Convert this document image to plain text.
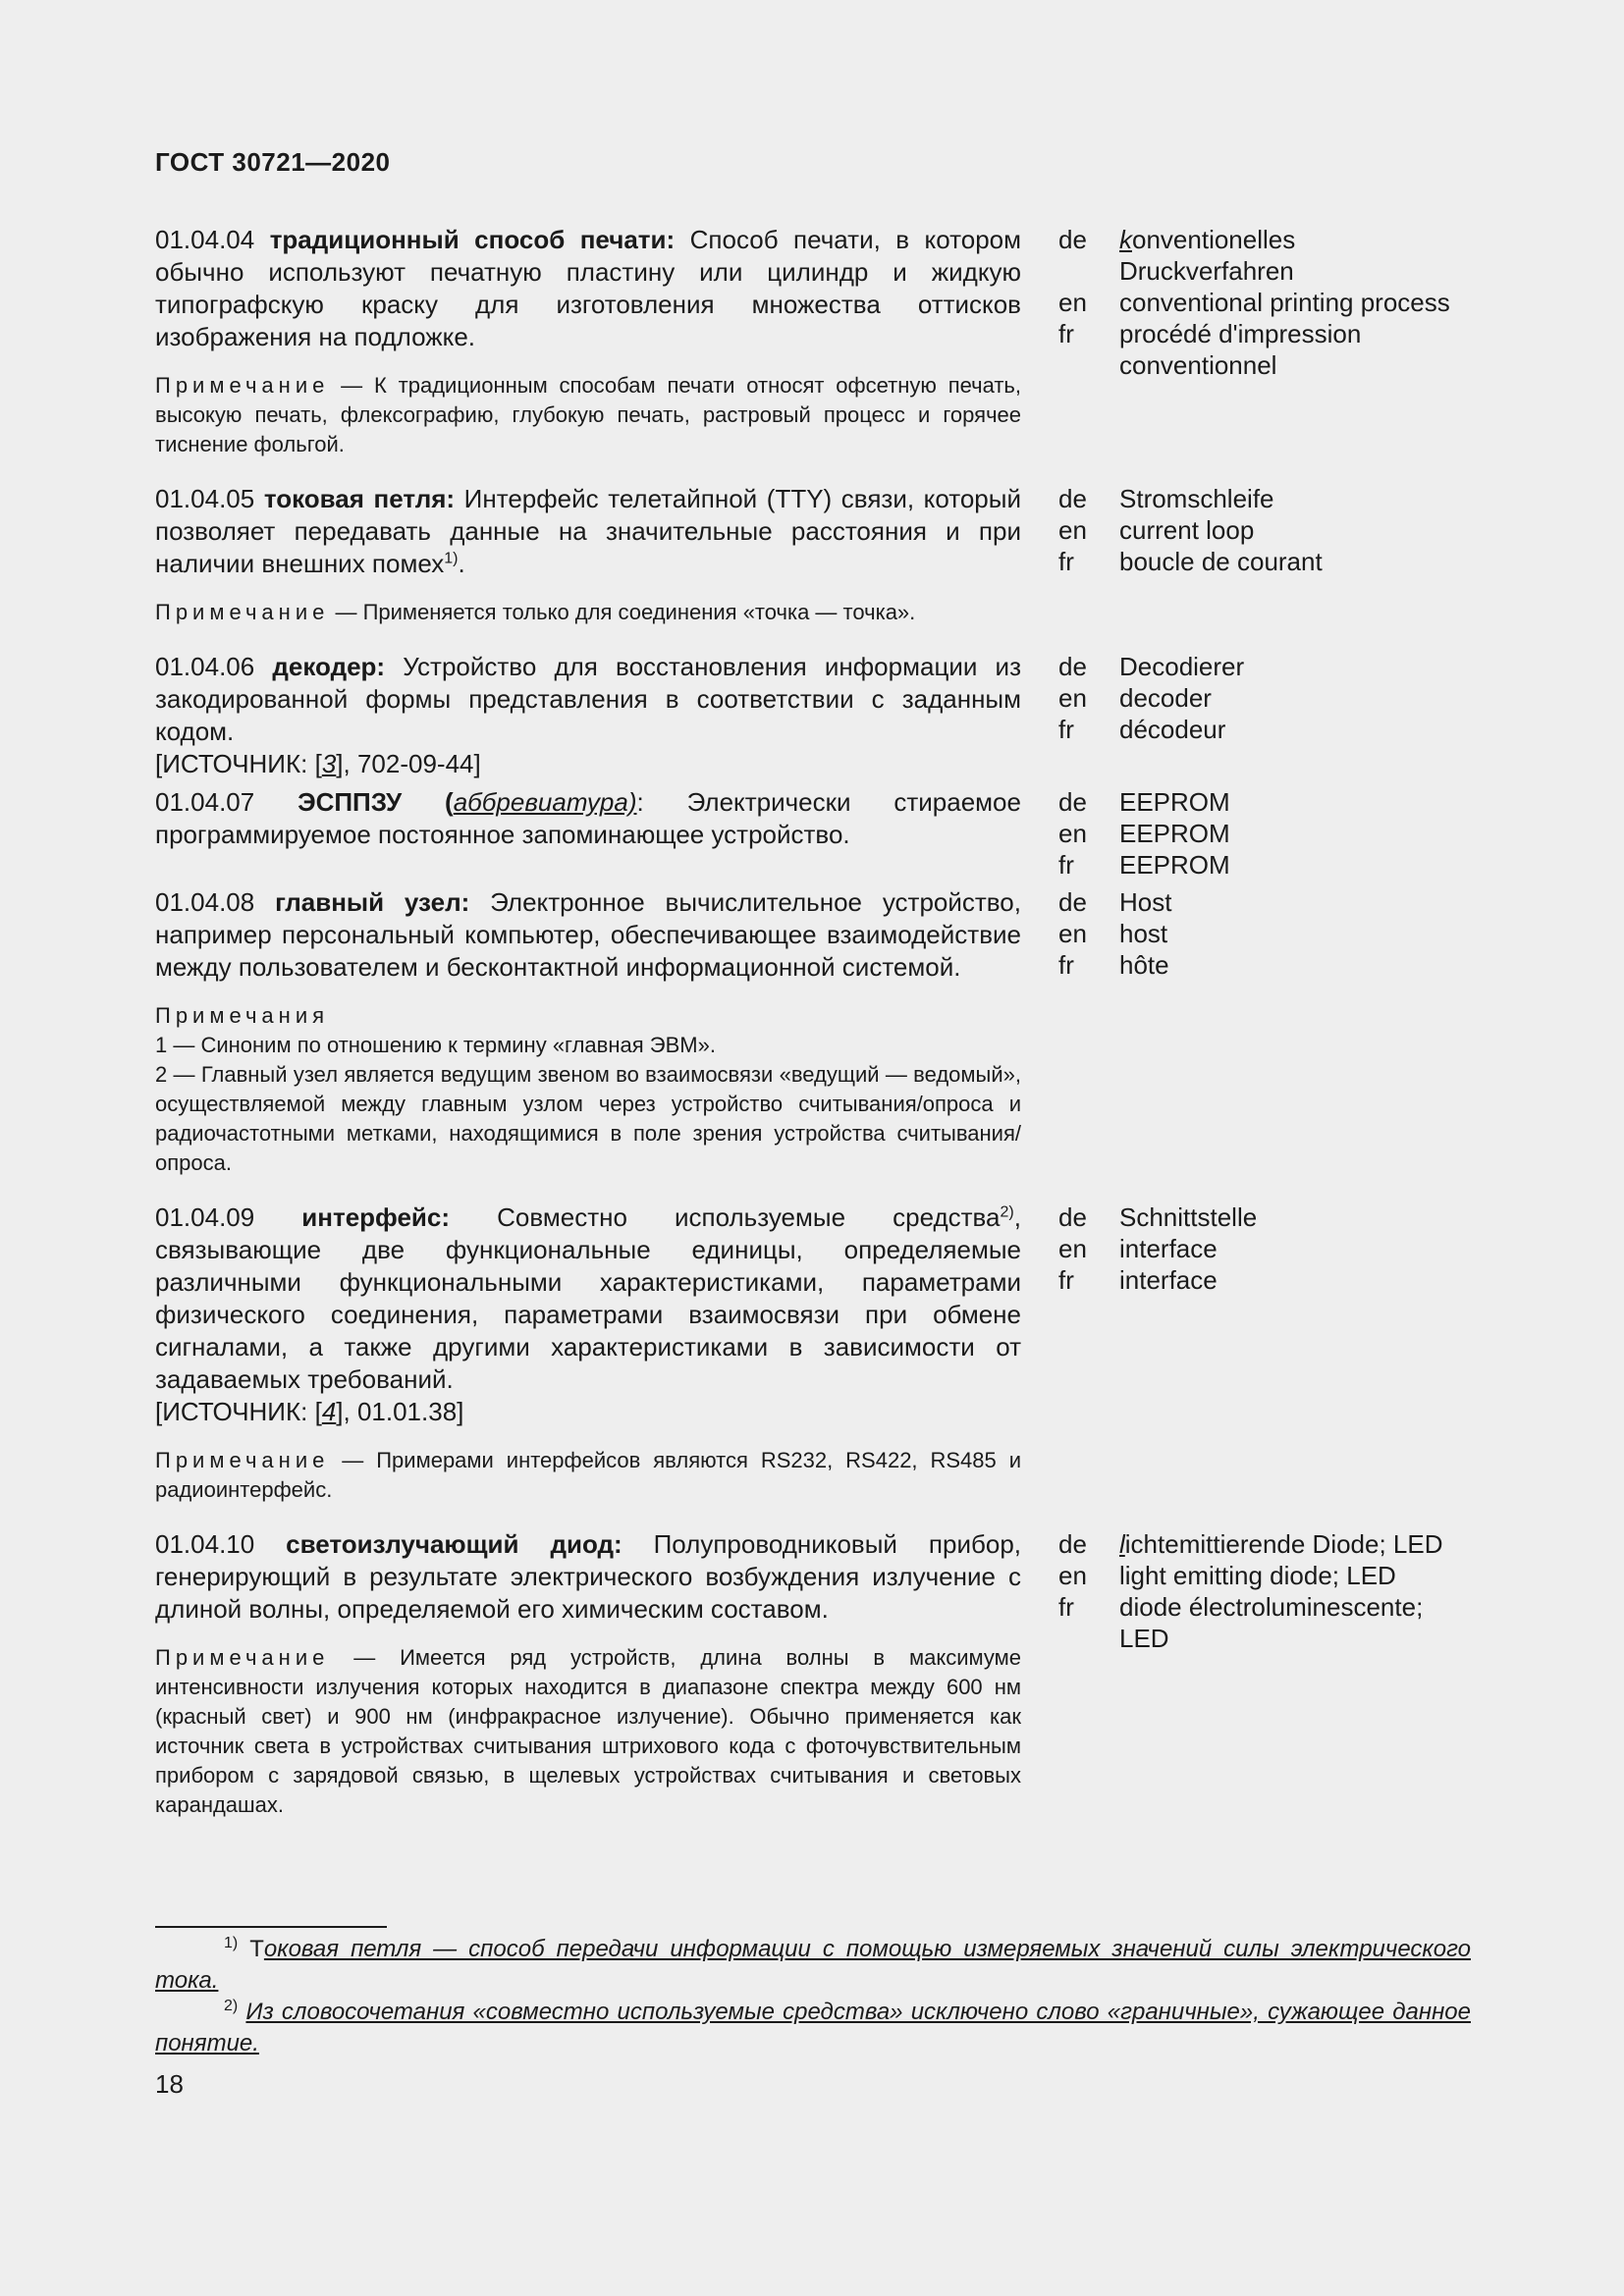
ГОСТ 30721—2020
01.04.04 традиционный способ печати: Способ печати, в котором обычно используют печатную пластину или цилиндр и жидкую типографскую краску для изготовления множества оттисков изображения на подложке.
Примечание — К традиционным способам печати относят офсетную печать, высокую печать, флексографию, глубокую печать, растровый процесс и горячее тиснение фольгой.
de	konventionelles Druckverfahren
en	conventional printing process
fr	procédé d'impression conventionnel
01.04.05 токовая петля: Интерфейс телетайпной (TTY) связи, который позволяет передавать данные на значительные расстояния и при наличии внешних помех$^{1)}$.
Примечание — Применяется только для соединения «точка — точка».
de	Stromschleife
en	current loop
fr	boucle de courant
01.04.06 декодер: Устройство для восстановления информации из закодированной формы представления в соответствии с заданным кодом.
[ИСТОЧНИК: [3], 702-09-44]
de	Decodierer
en	decoder
fr	décodeur
01.04.07 ЭСППЗУ (аббревиатура): Электрически стираемое программируемое постоянное запоминающее устройство.
de	EEPROM
en	EEPROM
fr	EEPROM
01.04.08 главный узел: Электронное вычислительное устройство, например персональный компьютер, обеспечивающее взаимодействие между пользователем и бесконтактной информационной системой.
Примечания
1 — Синоним по отношению к термину «главная ЭВМ».
2 — Главный узел является ведущим звеном во взаимосвязи «ведущий — ведомый», осуществляемой между главным узлом через устройство считывания/опроса и радиочастотными метками, находящимися в поле зрения устройства считывания/опроса.
de	Host
en	host
fr	hôte
01.04.09 интерфейс: Совместно используемые средства$^{2)}$, связывающие две функциональные единицы, определяемые различными функциональными характеристиками, параметрами физического соединения, параметрами взаимосвязи при обмене сигналами, а также другими характеристиками в зависимости от задаваемых требований.
[ИСТОЧНИК: [4], 01.01.38]
Примечание — Примерами интерфейсов являются RS232, RS422, RS485 и радиоинтерфейс.
de	Schnittstelle
en	interface
fr	interface
01.04.10 светоизлучающий диод: Полупроводниковый прибор, генерирующий в результате электрического возбуждения излучение с длиной волны, определяемой его химическим составом.
Примечание — Имеется ряд устройств, длина волны в максимуме интенсивности излучения которых находится в диапазоне спектра между 600 нм (красный свет) и 900 нм (инфракрасное излучение). Обычно применяется как источник света в устройствах считывания штрихового кода с фоточувствительным прибором с зарядовой связью, в щелевых устройствах считывания и световых карандашах.
de	lichtemittierende Diode; LED
en	light emitting diode; LED
fr	diode électroluminescente; LED
$^{1)}$ Токовая петля — способ передачи информации с помощью измеряемых значений силы электрического тока.
$^{2)}$ Из словосочетания «совместно используемые средства» исключено слово «граничные», сужающее данное понятие.
18
